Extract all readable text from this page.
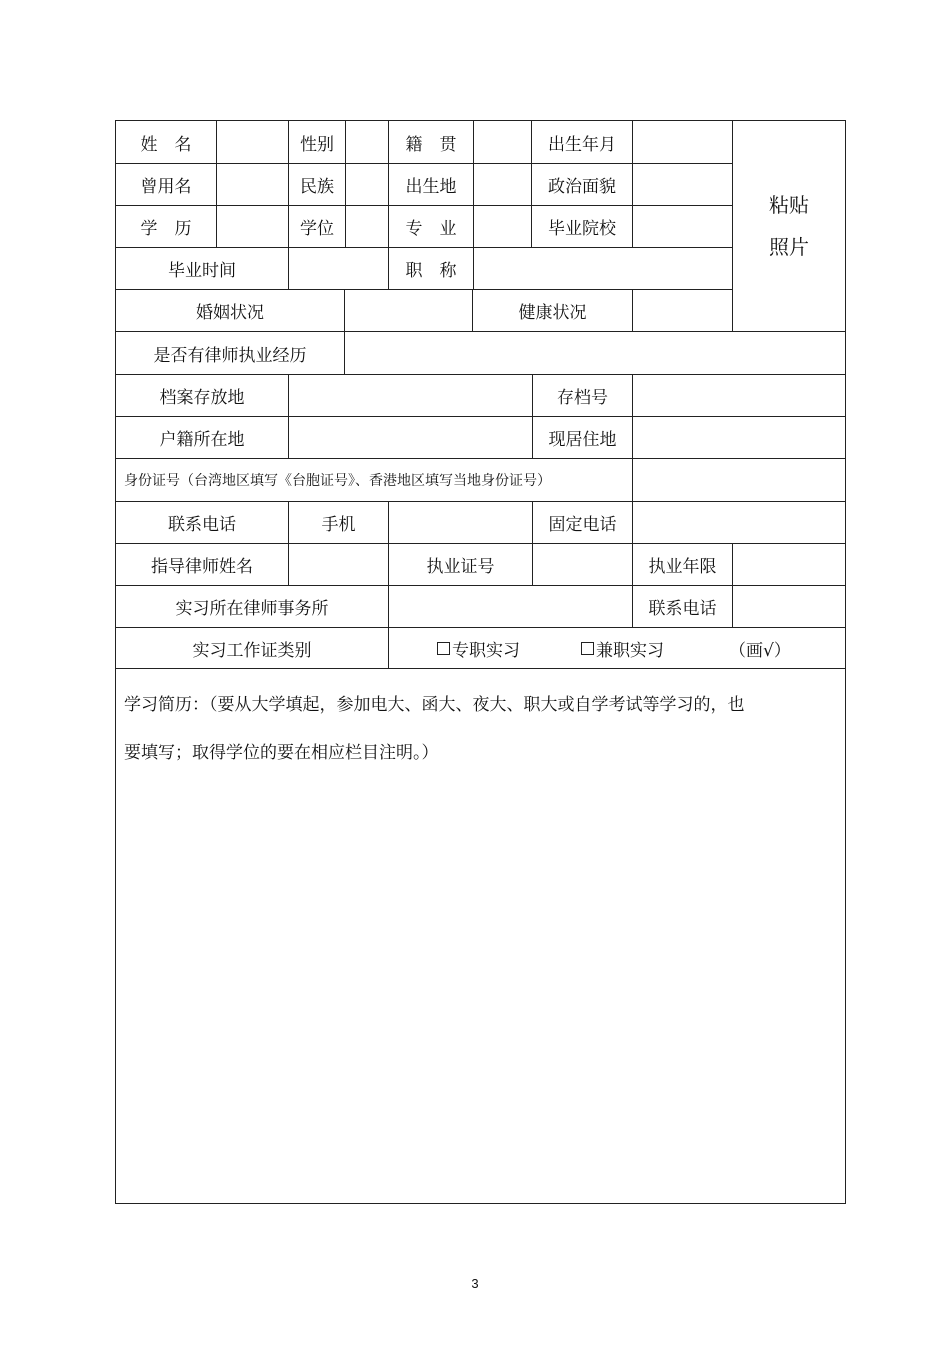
姓　名	性别	籍　贯	出生年月
粘贴
照片
曾用名	民族	出生地	政治面貌
学　历	学位	专　业	毕业院校
毕业时间	职　称
婚姻状况	健康状况
是否有律师执业经历
档案存放地	存档号
户籍所在地	现居住地
身份证号（台湾地区填写《台胞证号》、香港地区填写当地身份证号）
联系电话	手机	固定电话
指导律师姓名	执业证号	执业年限
实习所在律师事务所	联系电话
实习工作证类别	专职实习	兼职实习	（画√）

学习简历：（要从大学填起，参加电大、函大、夜大、职大或自学考试等学习的，也

要填写；取得学位的要在相应栏目注明。）

3
